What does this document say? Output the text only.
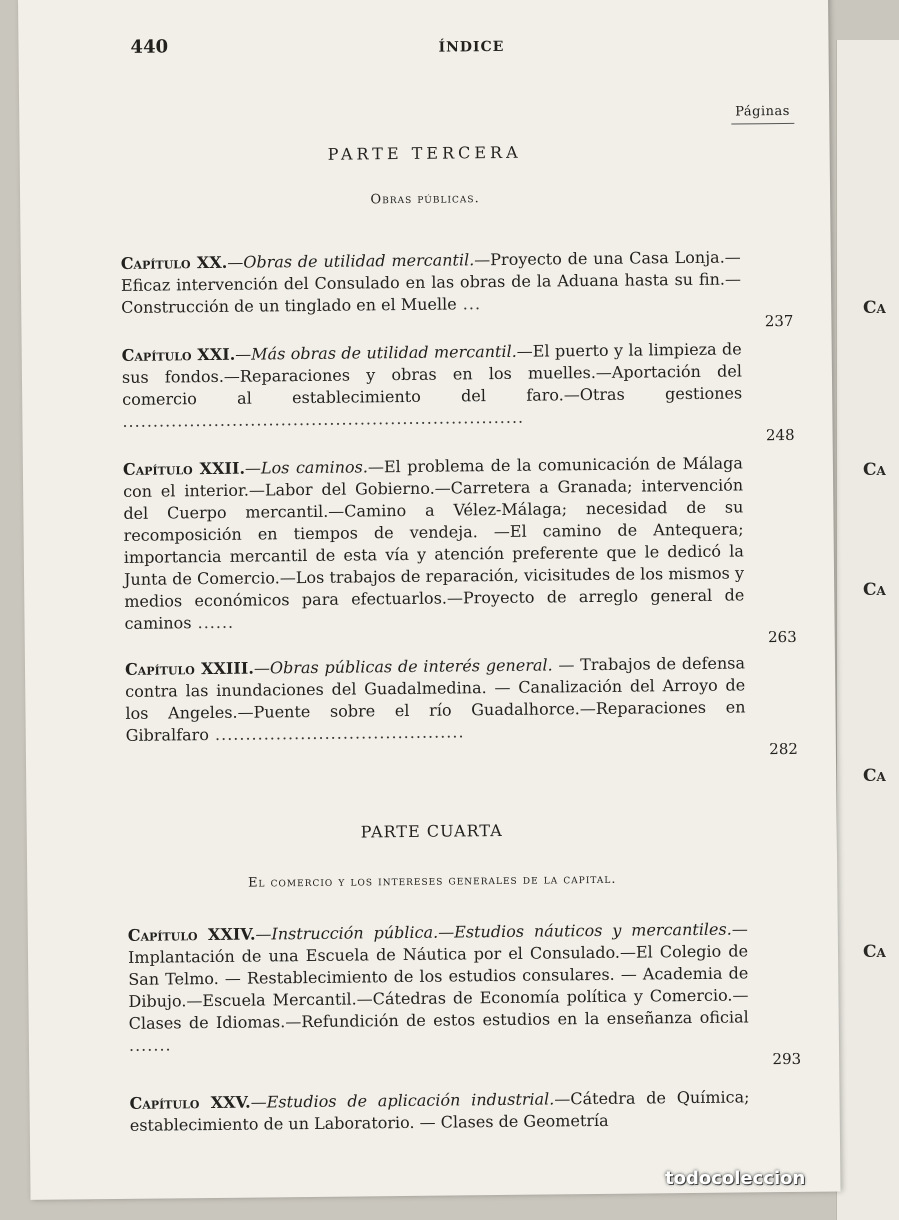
Ca
Ca
Ca
Ca
Ca
440	ÍNDICE
Páginas
PARTE TERCERA
Obras públicas.

Capítulo XX.—Obras de utilidad mercantil.—Proyecto de una Casa Lonja.—Eficaz intervención del Consulado en las obras de la Aduana hasta su fin.—Construcción de un tinglado en el Muelle ...

237

Capítulo XXI.—Más obras de utilidad mercantil.—El puerto y la limpieza de sus fondos.—Reparaciones y obras en los muelles.—Aportación del comercio al establecimiento del faro.—Otras gestiones ..................................................................

248

Capítulo XXII.—Los caminos.—El problema de la comunicación de Málaga con el interior.—Labor del Gobierno.—Carretera a Granada; intervención del Cuerpo mercantil.—Camino a Vélez-Málaga; necesidad de su recomposición en tiempos de vendeja. —El camino de Antequera; importancia mercantil de esta vía y atención preferente que le dedicó la Junta de Comercio.—Los trabajos de reparación, vicisitudes de los mismos y medios económicos para efectuarlos.—Proyecto de arreglo general de caminos ......

263

Capítulo XXIII.—Obras públicas de interés general. — Trabajos de defensa contra las inundaciones del Guadalmedina. — Canalización del Arroyo de los Angeles.—Puente sobre el río Guadalhorce.—Reparaciones en Gibralfaro .........................................

282
PARTE CUARTA
El comercio y los intereses generales de la capital.

Capítulo XXIV.—Instrucción pública.—Estudios náuticos y mercantiles.—Implantación de una Escuela de Náutica por el Consulado.—El Colegio de San Telmo. — Restablecimiento de los estudios consulares. — Academia de Dibujo.—Escuela Mercantil.—Cátedras de Economía política y Comercio.—Clases de Idiomas.—Refundición de estos estudios en la enseñanza oficial .......

293

Capítulo XXV.—Estudios de aplicación industrial.—Cátedra de Química; establecimiento de un Laboratorio. — Clases de Geometría

todocoleccion
